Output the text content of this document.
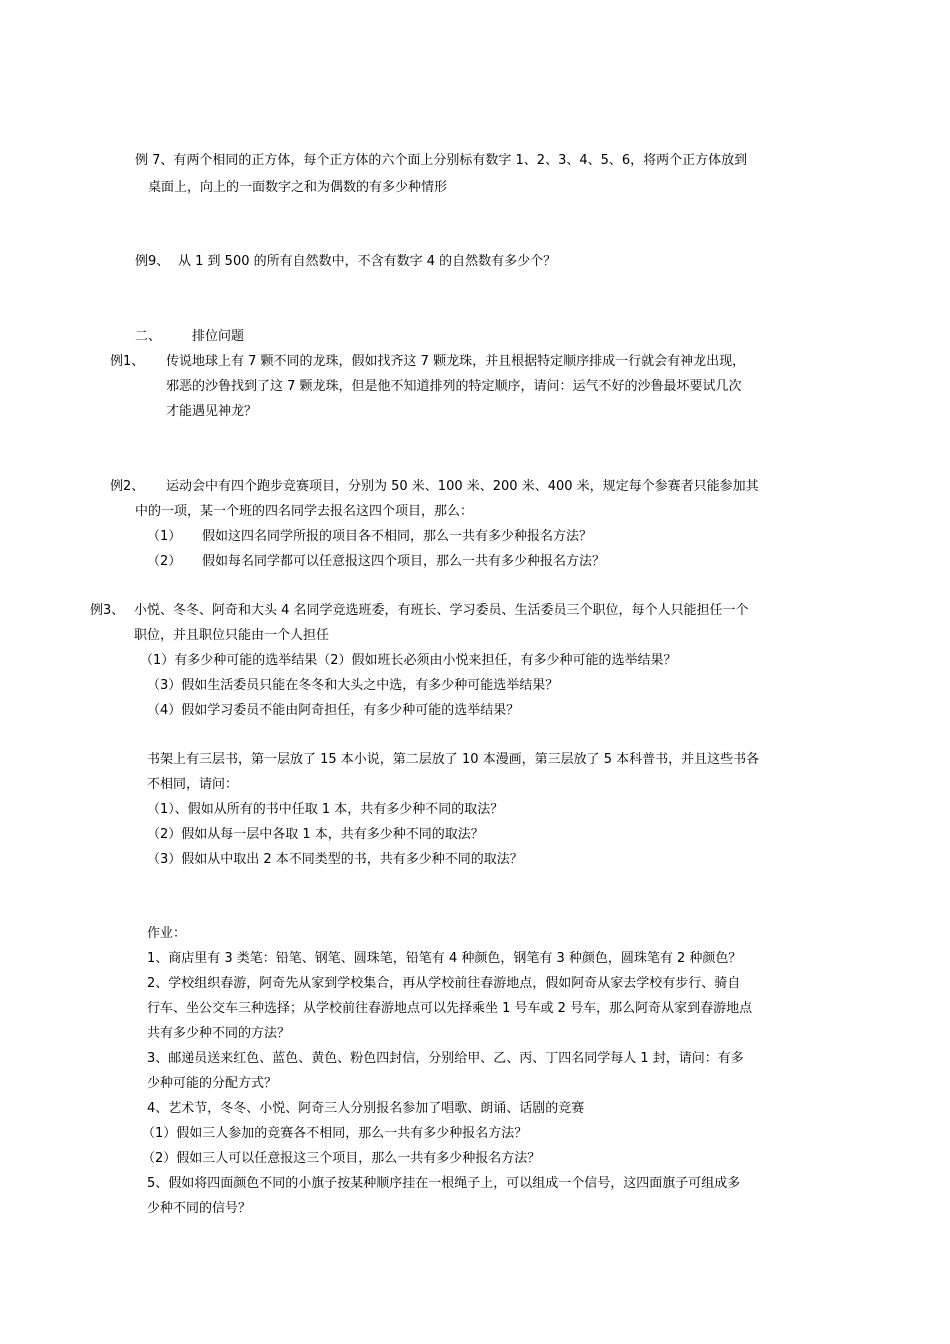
例 7、有两个相同的正方体，每个正方体的六个面上分别标有数字 1、2、3、4、5、6，将两个正方体放到
桌面上，向上的一面数字之和为偶数的有多少种情形
例9、 从 1 到 500 的所有自然数中，不含有数字 4 的自然数有多少个？
二、 排位问题
例1、 传说地球上有 7 颗不同的龙珠，假如找齐这 7 颗龙珠，并且根据特定顺序排成一行就会有神龙出现，
邪恶的沙鲁找到了这 7 颗龙珠，但是他不知道排列的特定顺序，请问：运气不好的沙鲁最坏要试几次
才能遇见神龙？
例2、 运动会中有四个跑步竞赛项目，分别为 50 米、100 米、200 米、400 米，规定每个参赛者只能参加其
中的一项，某一个班的四名同学去报名这四个项目，那么：
（1） 假如这四名同学所报的项目各不相同，那么一共有多少种报名方法？
（2） 假如每名同学都可以任意报这四个项目，那么一共有多少种报名方法？
例3、 小悦、冬冬、阿奇和大头 4 名同学竞选班委，有班长、学习委员、生活委员三个职位，每个人只能担任一个
职位，并且职位只能由一个人担任
（1）有多少种可能的选举结果（2）假如班长必须由小悦来担任，有多少种可能的选举结果？
（3）假如生活委员只能在冬冬和大头之中选，有多少种可能选举结果？
（4）假如学习委员不能由阿奇担任，有多少种可能的选举结果？
书架上有三层书，第一层放了 15 本小说，第二层放了 10 本漫画，第三层放了 5 本科普书，并且这些书各
不相同，请问：
（1）、假如从所有的书中任取 1 本，共有多少种不同的取法？
（2）假如从每一层中各取 1 本，共有多少种不同的取法？
（3）假如从中取出 2 本不同类型的书，共有多少种不同的取法？
作业：
1、商店里有 3 类笔：铅笔、钢笔、圆珠笔，铅笔有 4 种颜色，钢笔有 3 种颜色，圆珠笔有 2 种颜色？
2、学校组织春游，阿奇先从家到学校集合，再从学校前往春游地点，假如阿奇从家去学校有步行、骑自
行车、坐公交车三种选择；从学校前往春游地点可以先择乘坐 1 号车或 2 号车，那么阿奇从家到春游地点
共有多少种不同的方法？
3、邮递员送来红色、蓝色、黄色、粉色四封信，分别给甲、乙、丙、丁四名同学每人 1 封，请问：有多
少种可能的分配方式？
4、艺术节，冬冬、小悦、阿奇三人分别报名参加了唱歌、朗诵、话剧的竞赛
（1）假如三人参加的竞赛各不相同，那么一共有多少种报名方法？
（2）假如三人可以任意报这三个项目，那么一共有多少种报名方法？
5、假如将四面颜色不同的小旗子按某种顺序挂在一根绳子上，可以组成一个信号，这四面旗子可组成多
少种不同的信号？
